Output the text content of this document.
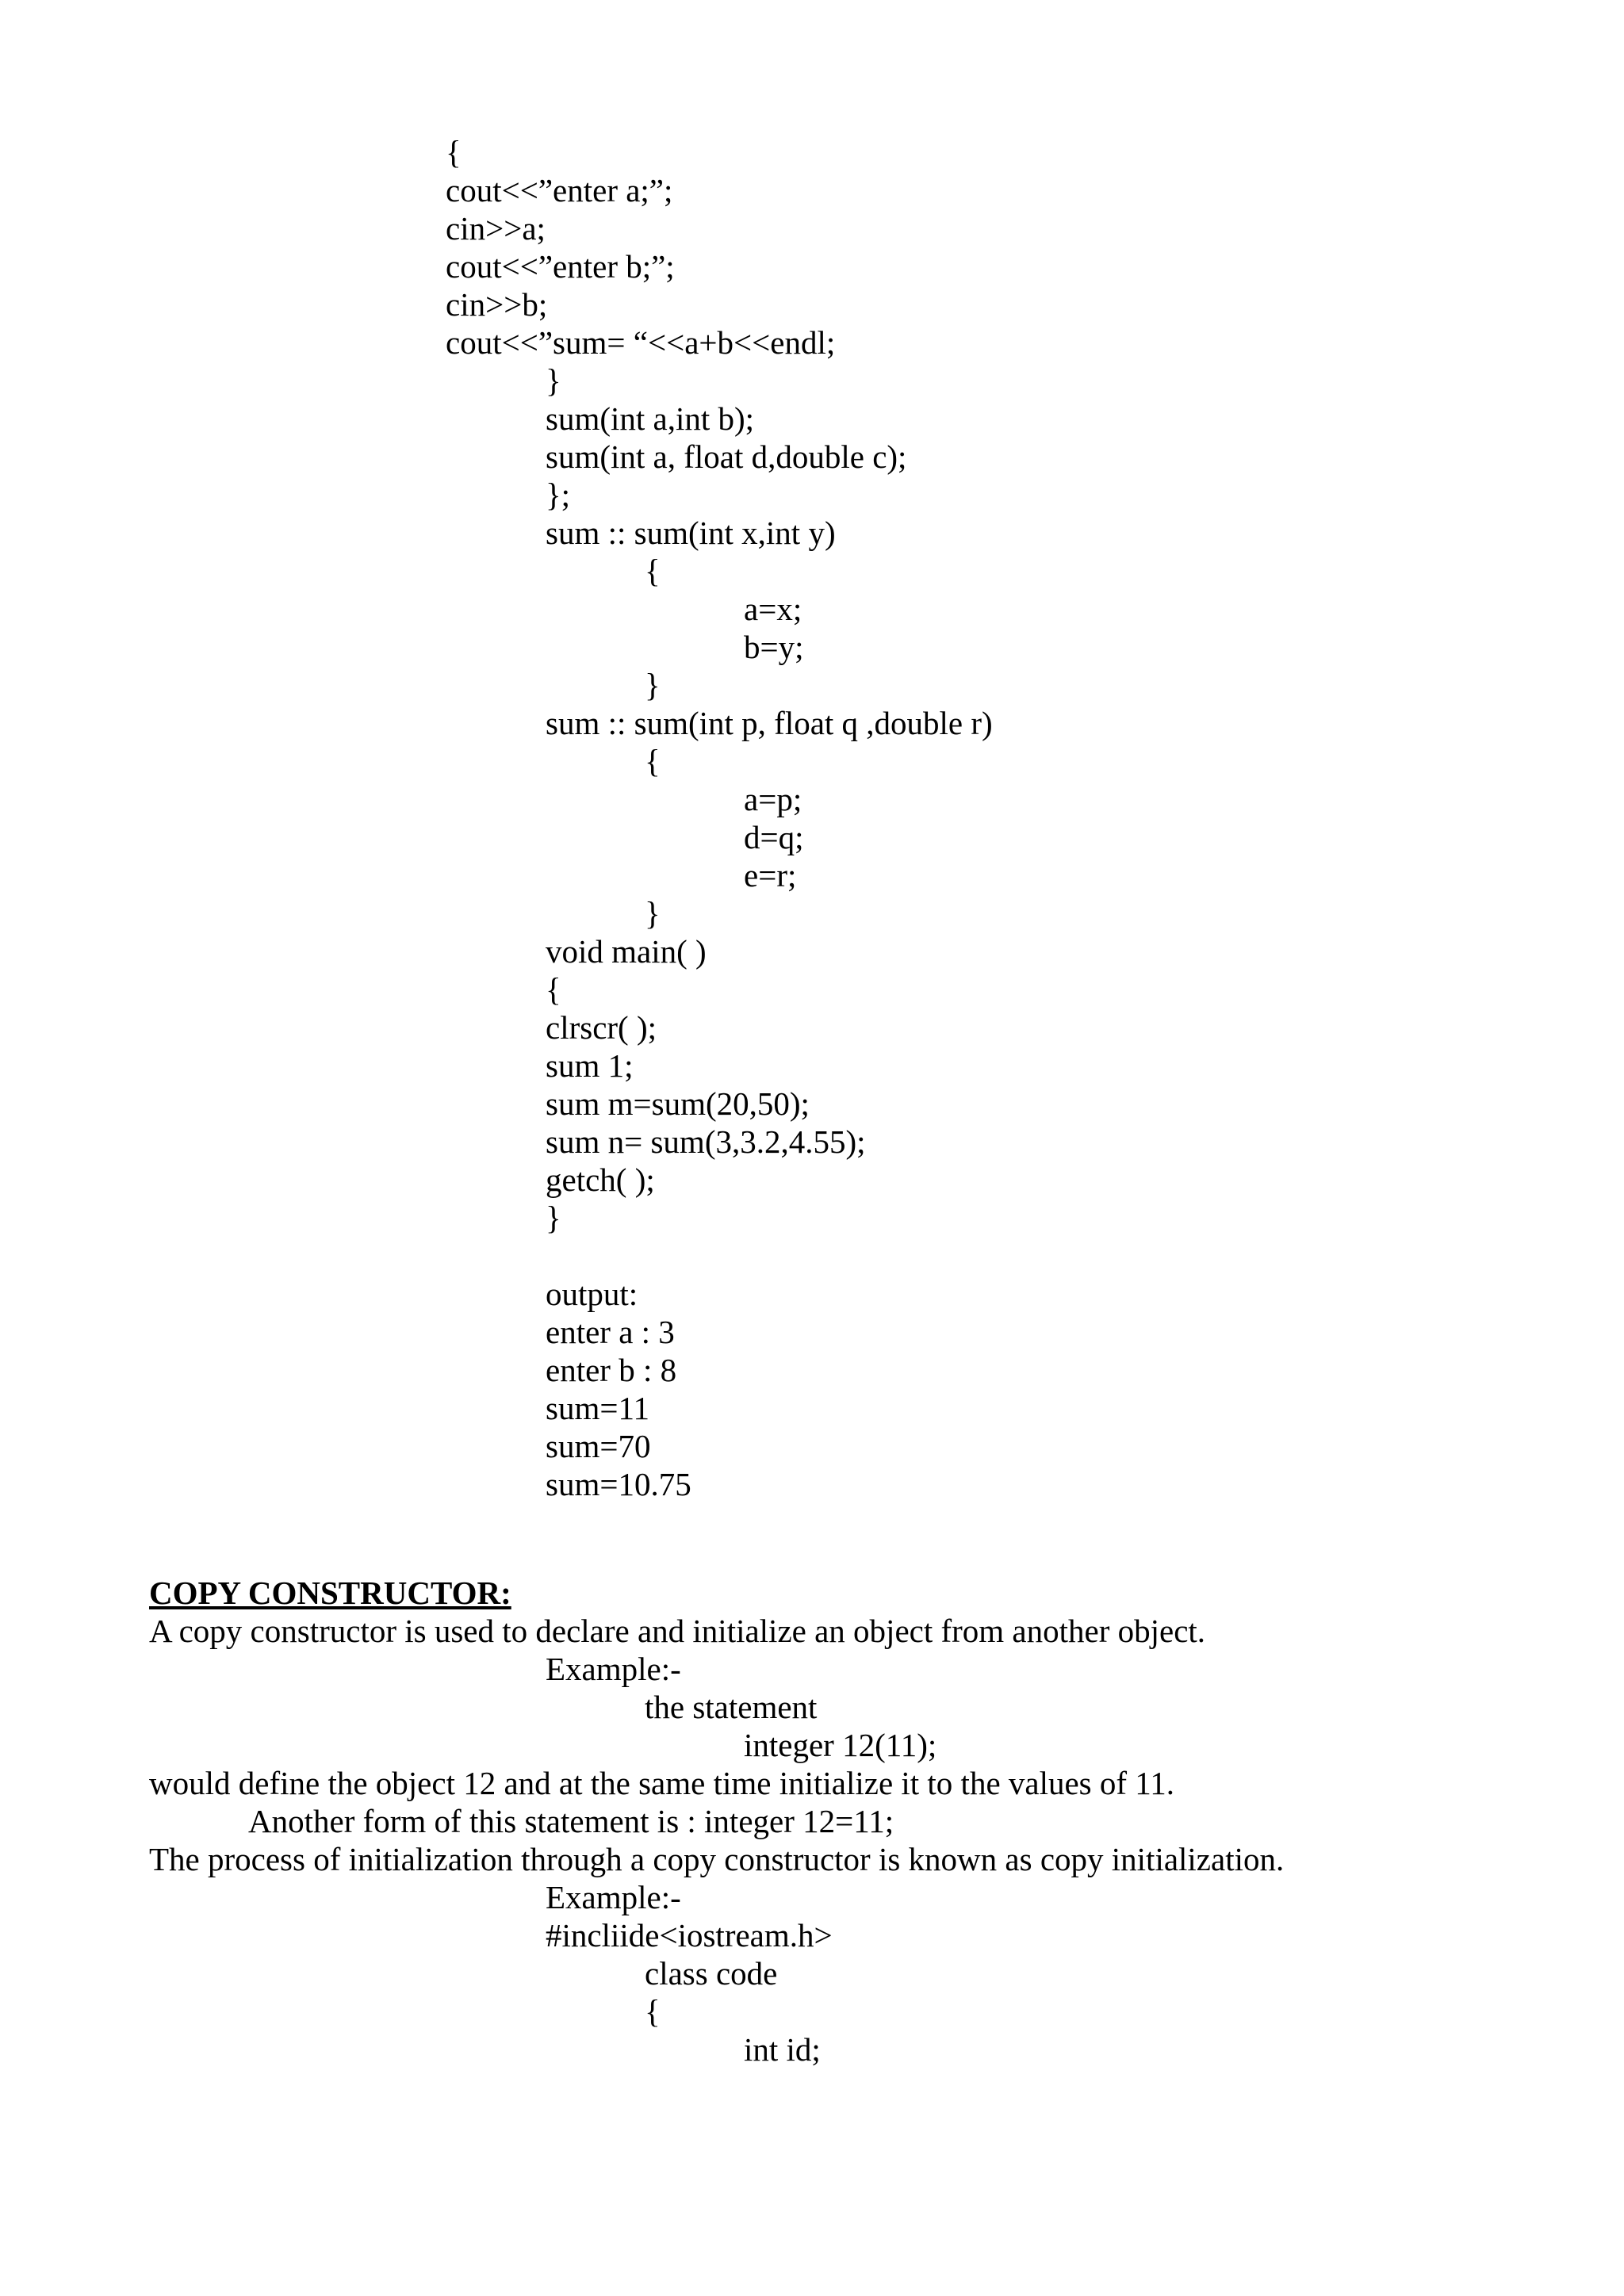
{

cout<<”enter a;”;

cin>>a;

cout<<”enter b;”;

cin>>b;

cout<<”sum= “<<a+b<<endl;

}

sum(int a,int b);

sum(int a, float d,double c);

};

sum :: sum(int x,int y)

{

a=x;

b=y;

}

sum :: sum(int p, float q ,double r)

{

a=p;

d=q;

e=r;

}

void main( )

{

clrscr( );

sum 1;

sum m=sum(20,50);

sum n= sum(3,3.2,4.55);

getch( );

}

output:

enter a : 3

enter b : 8

sum=11

sum=70

sum=10.75

COPY CONSTRUCTOR:

A copy constructor is used to declare and initialize an object from another object.

Example:-

the statement

integer 12(11);

would define the object 12 and at the same time initialize it to the values of 11.

Another form of this statement is : integer 12=11;

The process of initialization through a copy constructor is known as copy initialization.

Example:-

#incliide<iostream.h>

class code

{

int id;
